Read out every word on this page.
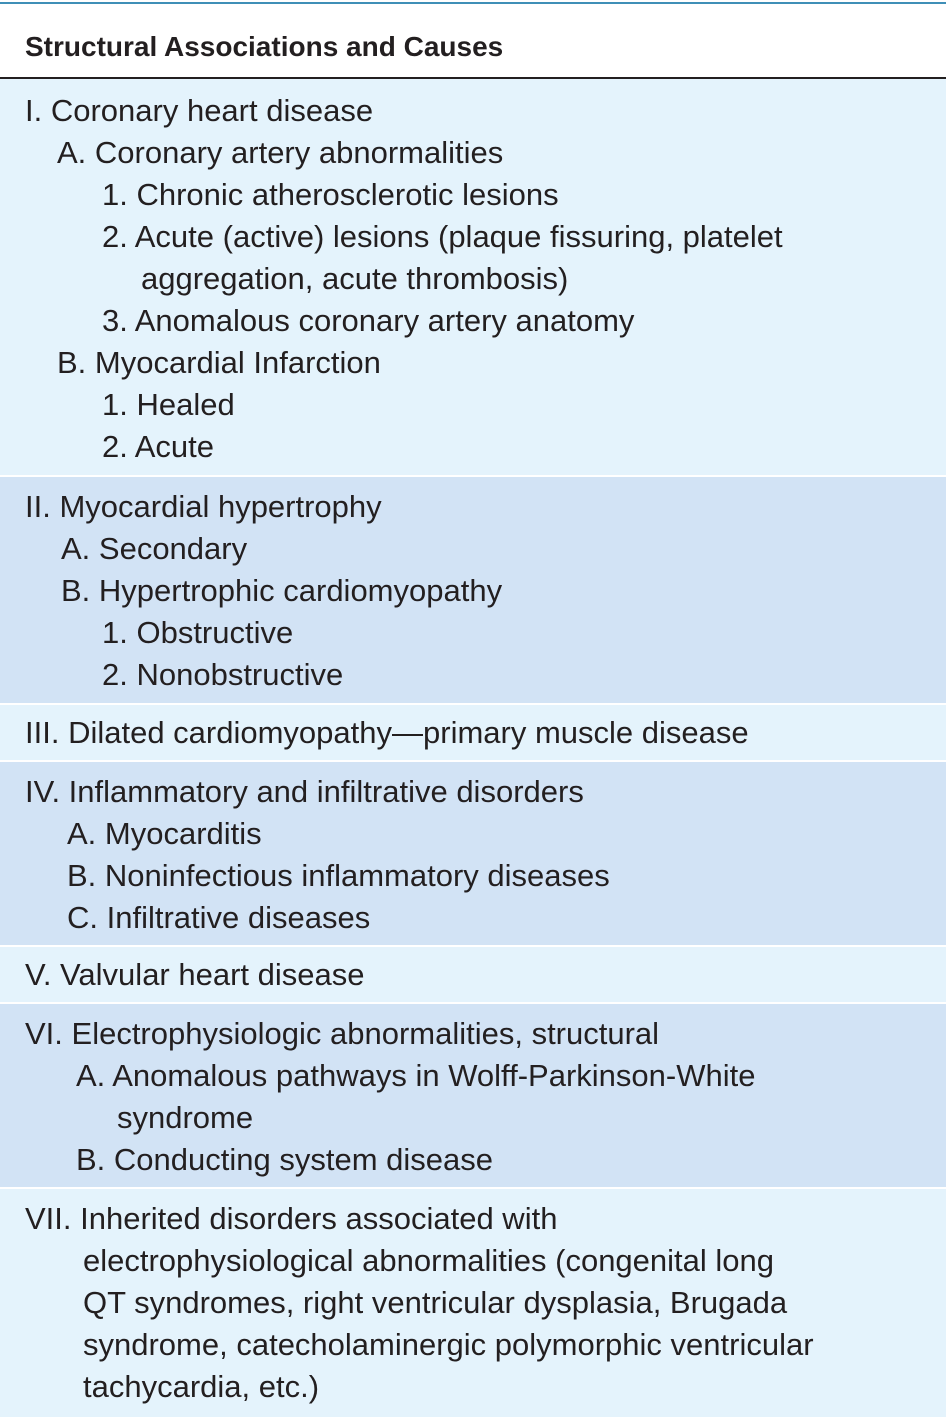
Structural Associations and Causes
I. Coronary heart disease
A. Coronary artery abnormalities
1. Chronic atherosclerotic lesions
2. Acute (active) lesions (plaque fissuring, platelet
aggregation, acute thrombosis)
3. Anomalous coronary artery anatomy
B. Myocardial Infarction
1. Healed
2. Acute
II. Myocardial hypertrophy
A. Secondary
B. Hypertrophic cardiomyopathy
1. Obstructive
2. Nonobstructive
III. Dilated cardiomyopathy—primary muscle disease
IV. Inflammatory and infiltrative disorders
A. Myocarditis
B. Noninfectious inflammatory diseases
C. Infiltrative diseases
V. Valvular heart disease
VI. Electrophysiologic abnormalities, structural
A. Anomalous pathways in Wolff-Parkinson-White
syndrome
B. Conducting system disease
VII. Inherited disorders associated with
electrophysiological abnormalities (congenital long
QT syndromes, right ventricular dysplasia, Brugada
syndrome, catecholaminergic polymorphic ventricular
tachycardia, etc.)
